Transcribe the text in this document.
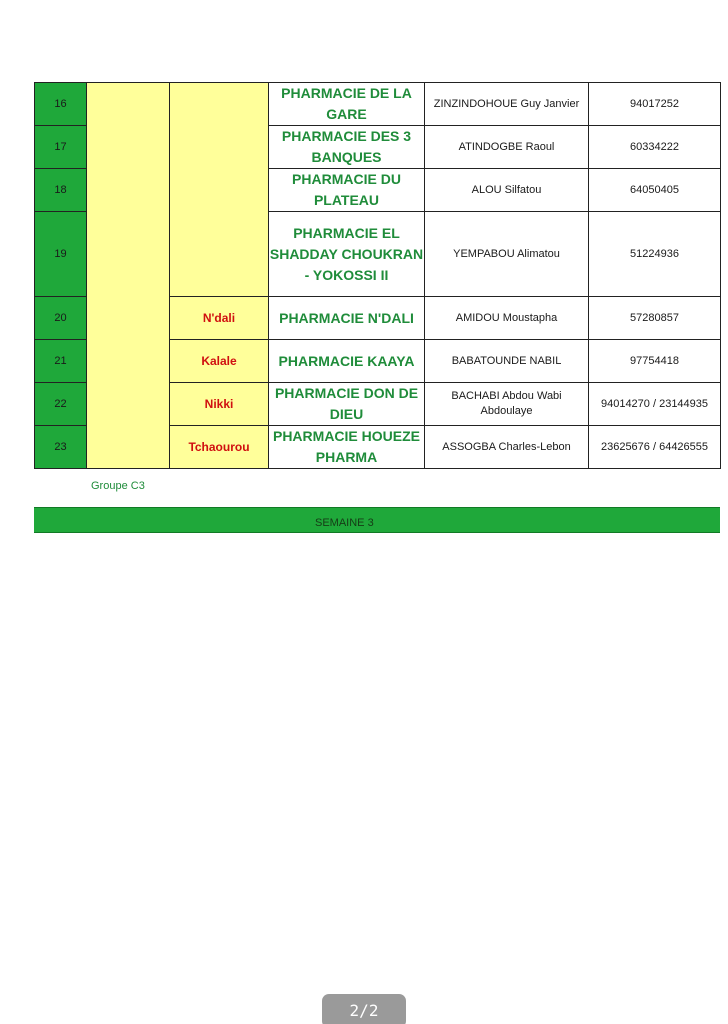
16			PHARMACIE DE LA GARE	ZINZINDOHOUE Guy Janvier	94017252
17			PHARMACIE DES 3 BANQUES	ATINDOGBE Raoul	60334222
18			PHARMACIE DU PLATEAU	ALOU Silfatou	64050405
19			PHARMACIE EL SHADDAY CHOUKRAN - YOKOSSI II	YEMPABOU Alimatou	51224936
20		N'dali	PHARMACIE N'DALI	AMIDOU Moustapha	57280857
21		Kalale	PHARMACIE KAAYA	BABATOUNDE NABIL	97754418
22		Nikki	PHARMACIE DON DE DIEU	BACHABI Abdou Wabi Abdoulaye	94014270 / 23144935
23		Tchaourou	PHARMACIE HOUEZE PHARMA	ASSOGBA Charles-Lebon	23625676 / 64426555
Groupe C3
SEMAINE 3
2/2
